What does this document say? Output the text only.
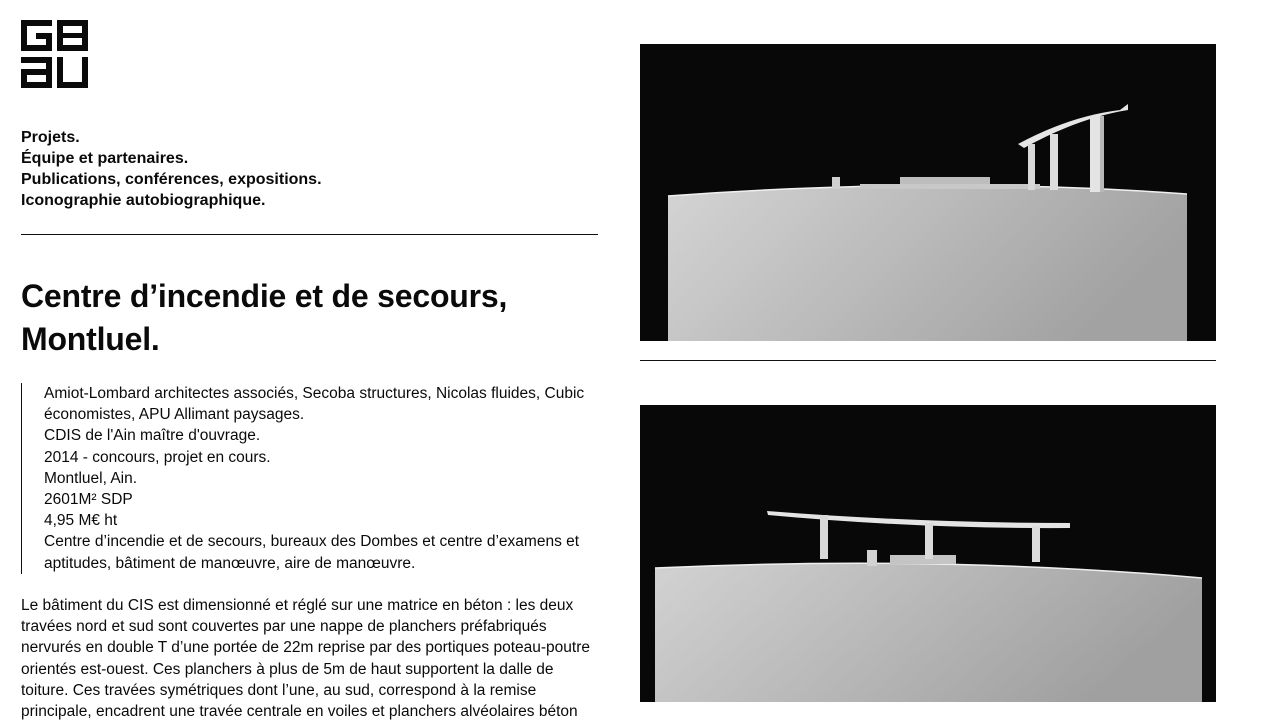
Projets.
Équipe et partenaires.
Publications, conférences, expositions.
Iconographie autobiographique.
Centre d’incendie et de secours,
Montluel.

Amiot-Lombard architectes associés, Secoba structures, Nicolas fluides, Cubic économistes, APU Allimant paysages.

CDIS de l'Ain maître d'ouvrage.

2014 - concours, projet en cours.

Montluel, Ain.

2601M² SDP

4,95 M€ ht

Centre d’incendie et de secours, bureaux des Dombes et centre d’examens et aptitudes, bâtiment de manœuvre, aire de manœuvre.

Le bâtiment du CIS est dimensionné et réglé sur une matrice en béton : les deux travées nord et sud sont couvertes par une nappe de planchers préfabriqués nervurés en double T d’une portée de 22m reprise par des portiques poteau-poutre orientés est-ouest. Ces planchers à plus de 5m de haut supportent la dalle de toiture. Ces travées symétriques dont l’une, au sud, correspond à la remise principale, encadrent une travée centrale en voiles et planchers alvéolaires béton
